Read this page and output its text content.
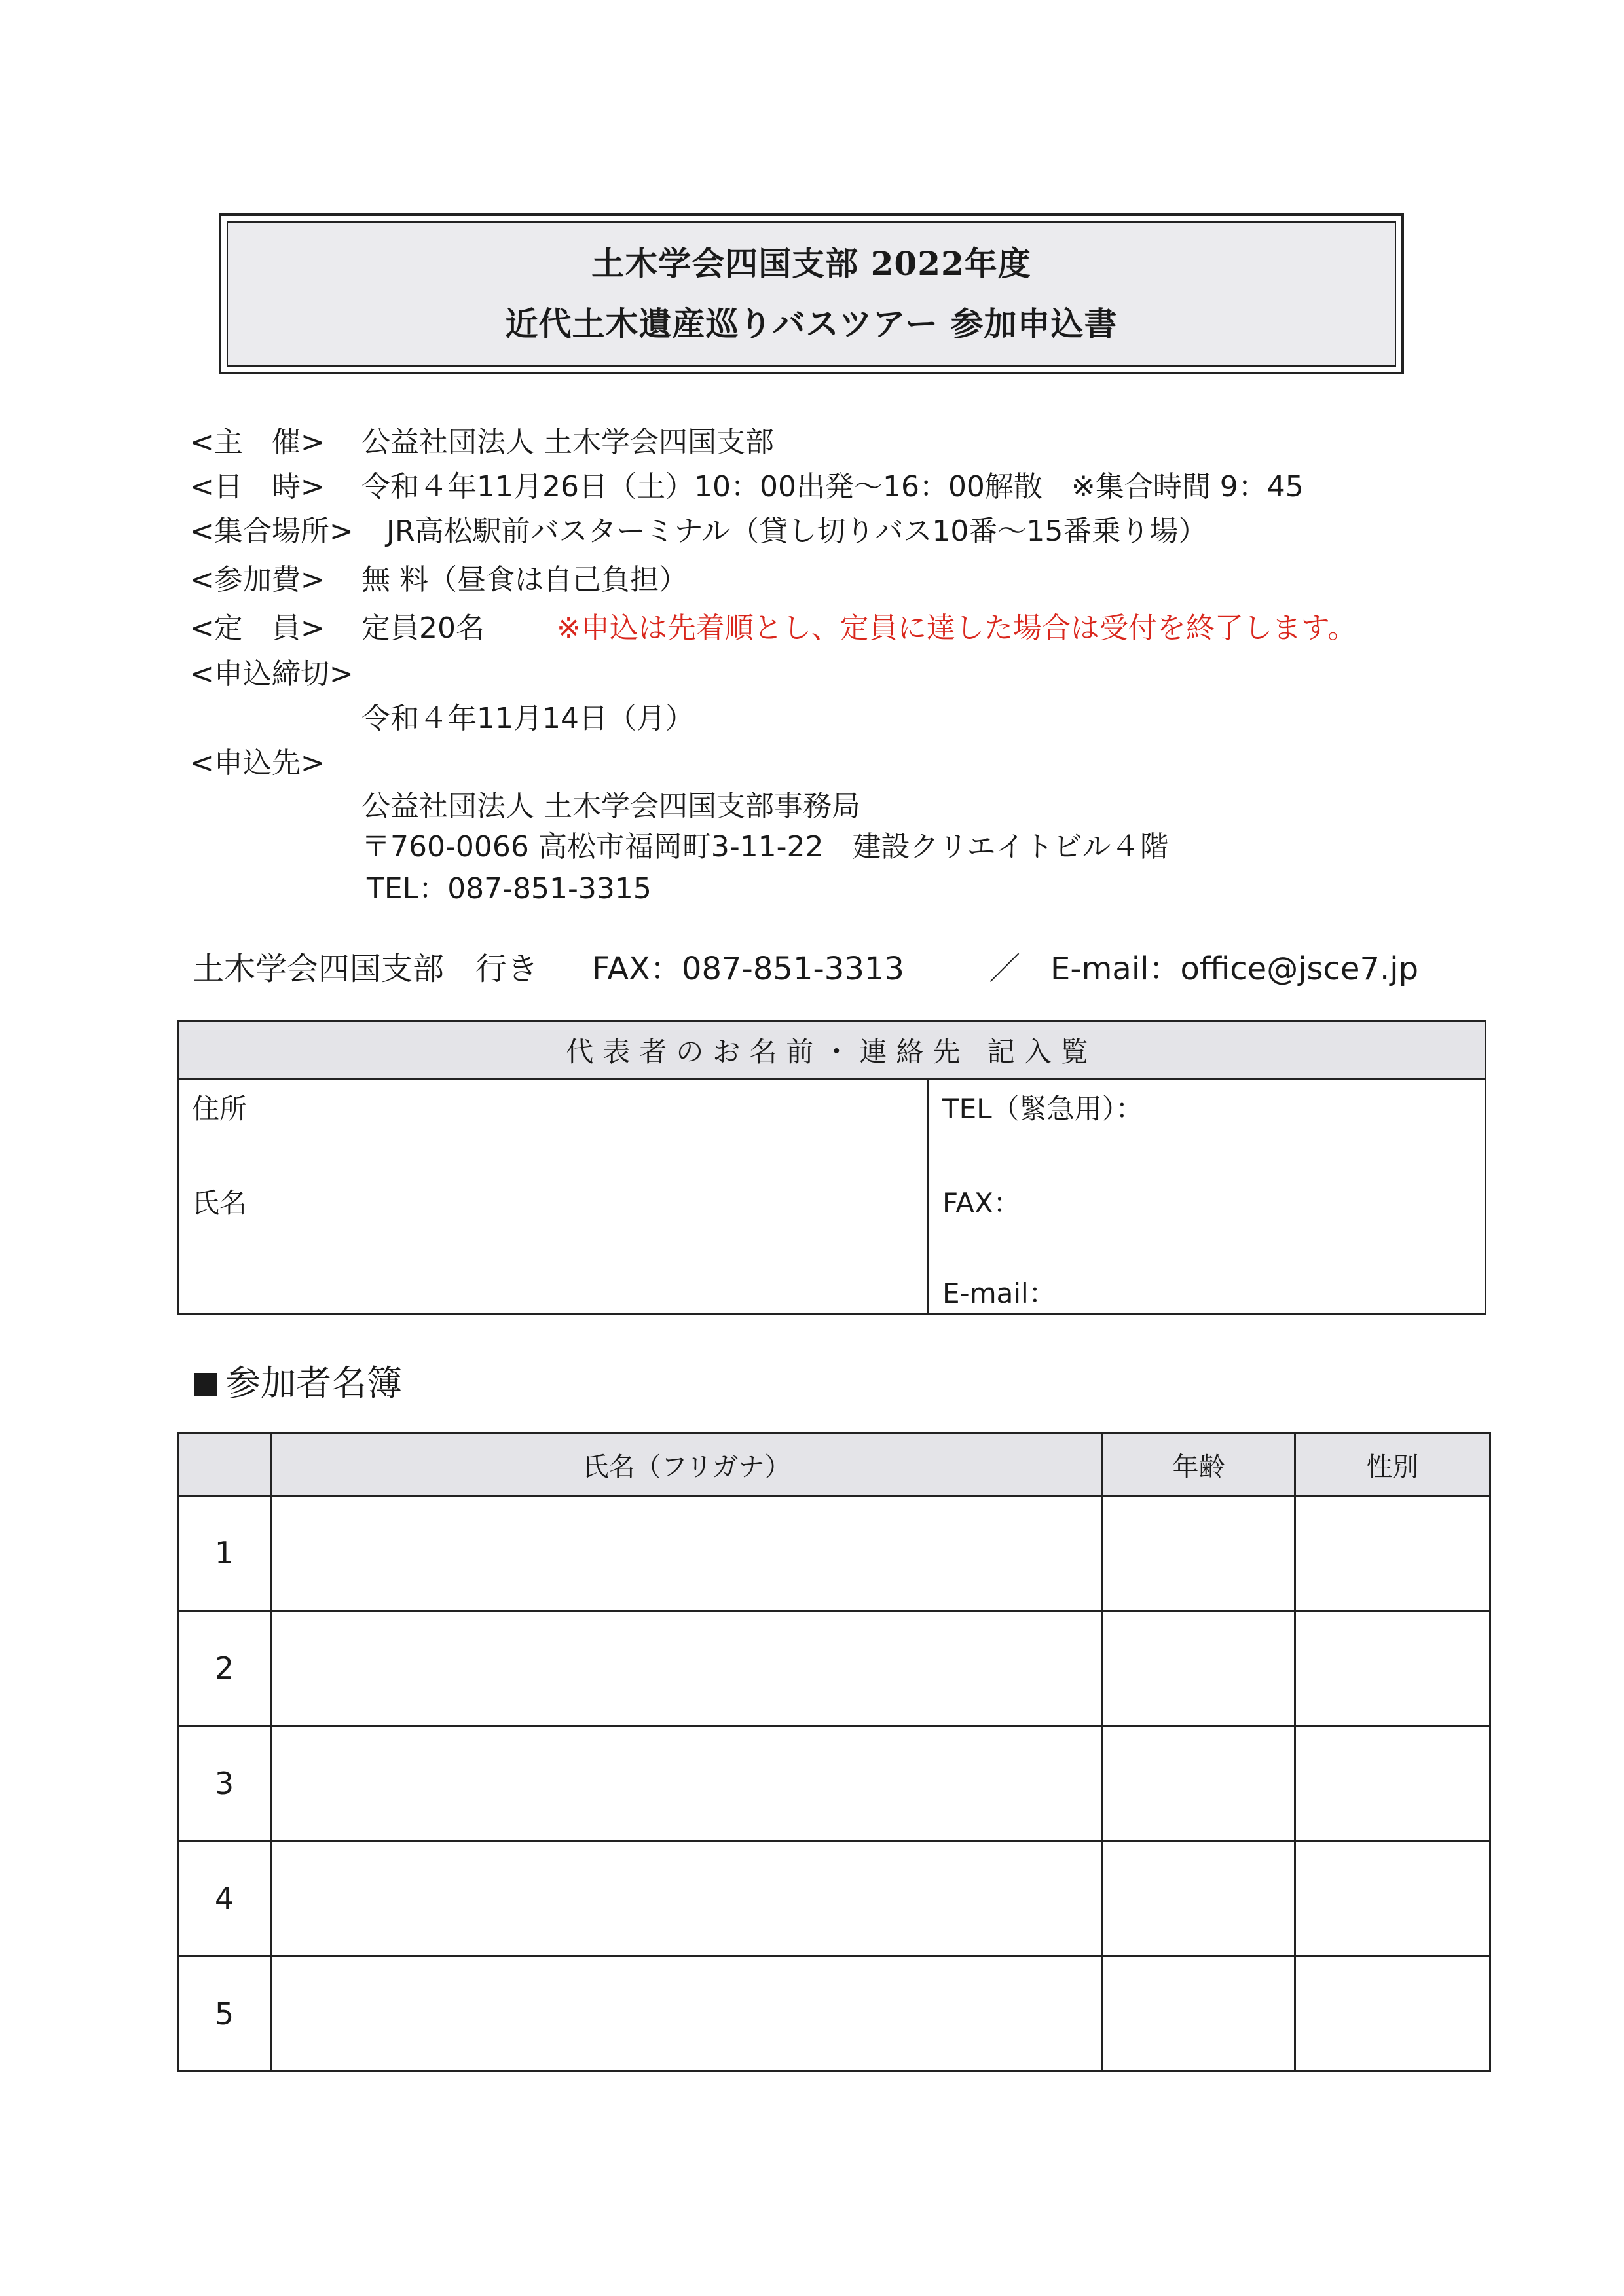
土木学会四国支部 2022年度
近代土木遺産巡りバスツアー 参加申込書
<主　催> 公益社団法人 土木学会四国支部
<日　時> 令和４年11月26日（土）10：00出発～16：00解散　※集合時間 9：45
<集合場所> JR高松駅前バスターミナル（貸し切りバス10番～15番乗り場）
<参加費> 無 料（昼食は自己負担）
<定　員> 定員20名	※申込は先着順とし、定員に達した場合は受付を終了します。
<申込締切>
令和４年11月14日（月）
<申込先>
公益社団法人 土木学会四国支部事務局
〒760-0066 高松市福岡町3-11-22　建設クリエイトビル４階
TEL：087-851-3315
土木学会四国支部　行き FAX：087-851-3313	／ E-mail：office@jsce7.jp
代表者のお名前・連絡先 記入覧
住所
氏名
TEL（緊急用）：
FAX：
E-mail：
参加者名簿
	氏名（フリガナ）	年齢	性別
1			
2			
3			
4			
5			
